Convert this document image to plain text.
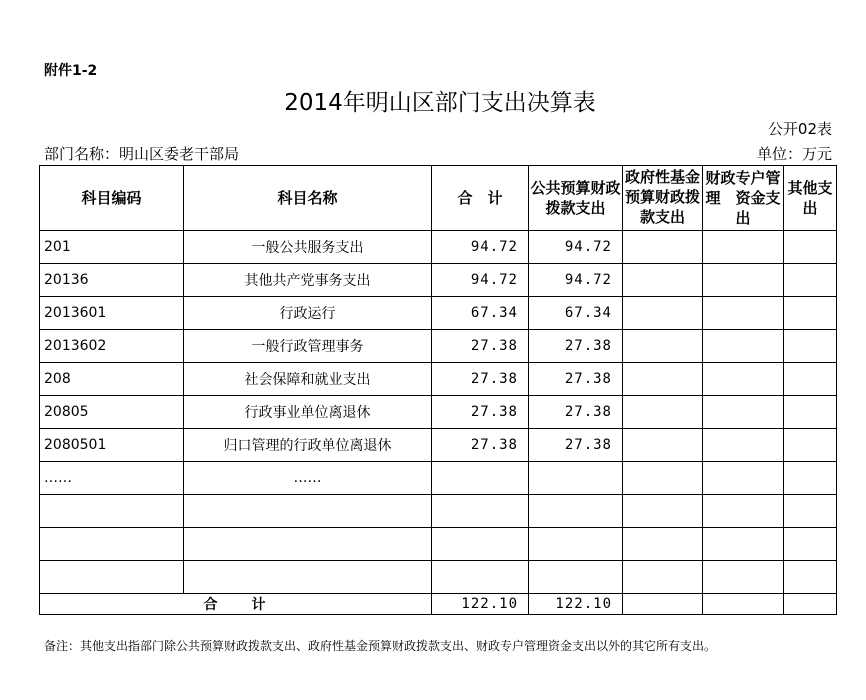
附件1-2
2014年明山区部门支出决算表
公开02表
部门名称：明山区委老干部局	单位：万元
科目编码	科目名称	合　计	公共预算财政拨款支出	政府性基金预算财政拨款支出	财政专户管理　资金支出	其他支出
201	一般公共服务支出	94.72	94.72			
20136	其他共产党事务支出	94.72	94.72			
2013601	行政运行	67.34	67.34			
2013602	一般行政管理事务	27.38	27.38			
208	社会保障和就业支出	27.38	27.38			
20805	行政事业单位离退休	27.38	27.38			
2080501	归口管理的行政单位离退休	27.38	27.38			
……	……					

合　　计		122.10	122.10			
备注：其他支出指部门除公共预算财政拨款支出、政府性基金预算财政拨款支出、财政专户管理资金支出以外的其它所有支出。
